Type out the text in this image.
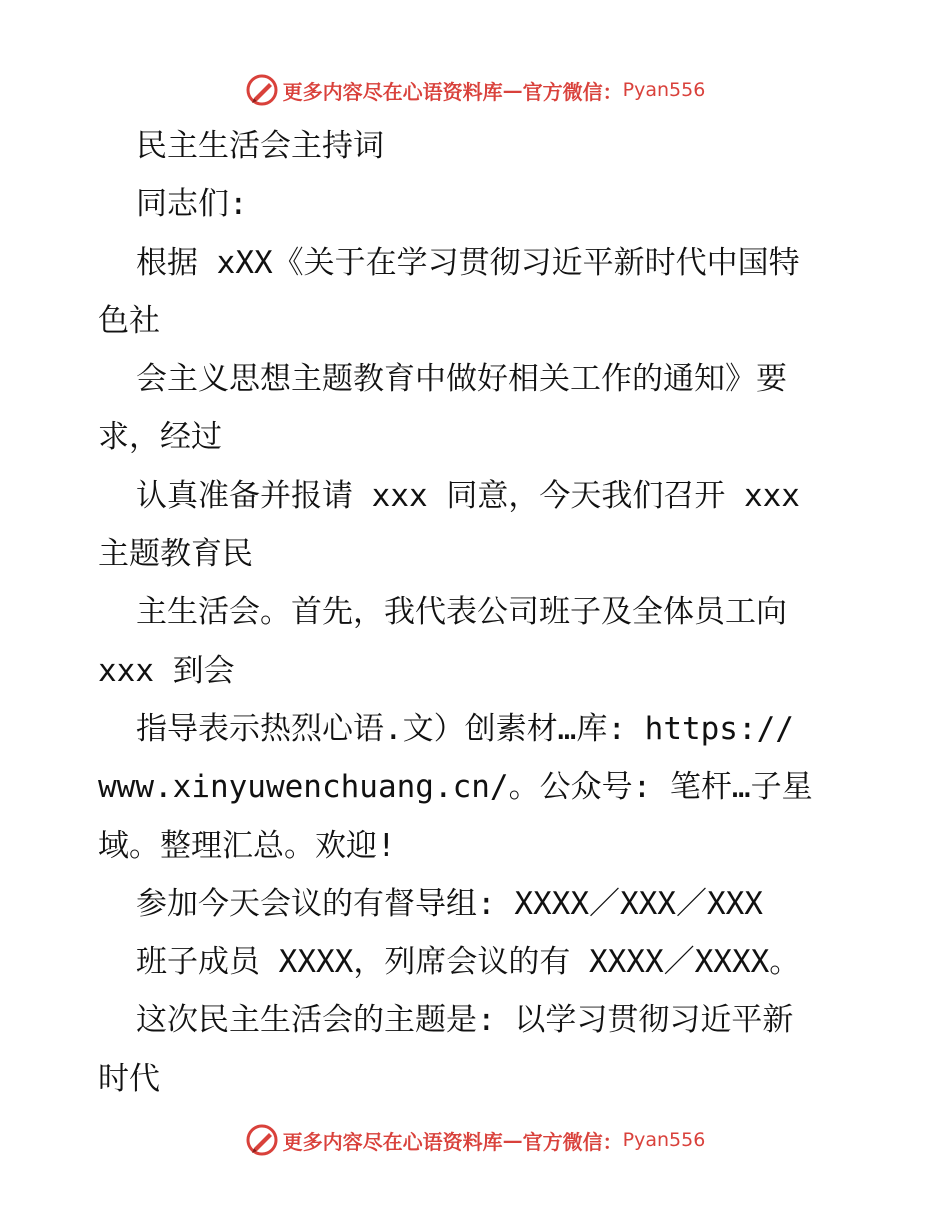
更多内容尽在心语资料库 — 官方微信： Pyan556
民主生活会主持词
同志们:
根据 xXX《关于在学习贯彻习近平新时代中国特
色社
会主义思想主题教育中做好相关工作的通知》要
求，经过
认真准备并报请 xxx 同意，今天我们召开 xxx
主题教育民
主生活会。首先，我代表公司班子及全体员工向
xxx 到会
指导表示热烈心语.文）创素材…库: https://
www.xinyuwenchuang.cn/。公众号: 笔杆…子星
域。整理汇总。欢迎!
参加今天会议的有督导组: XXXX／XXX／XXX
班子成员 XXXX，列席会议的有 XXXX／XXXX。
这次民主生活会的主题是: 以学习贯彻习近平新
时代
更多内容尽在心语资料库 — 官方微信： Pyan556
